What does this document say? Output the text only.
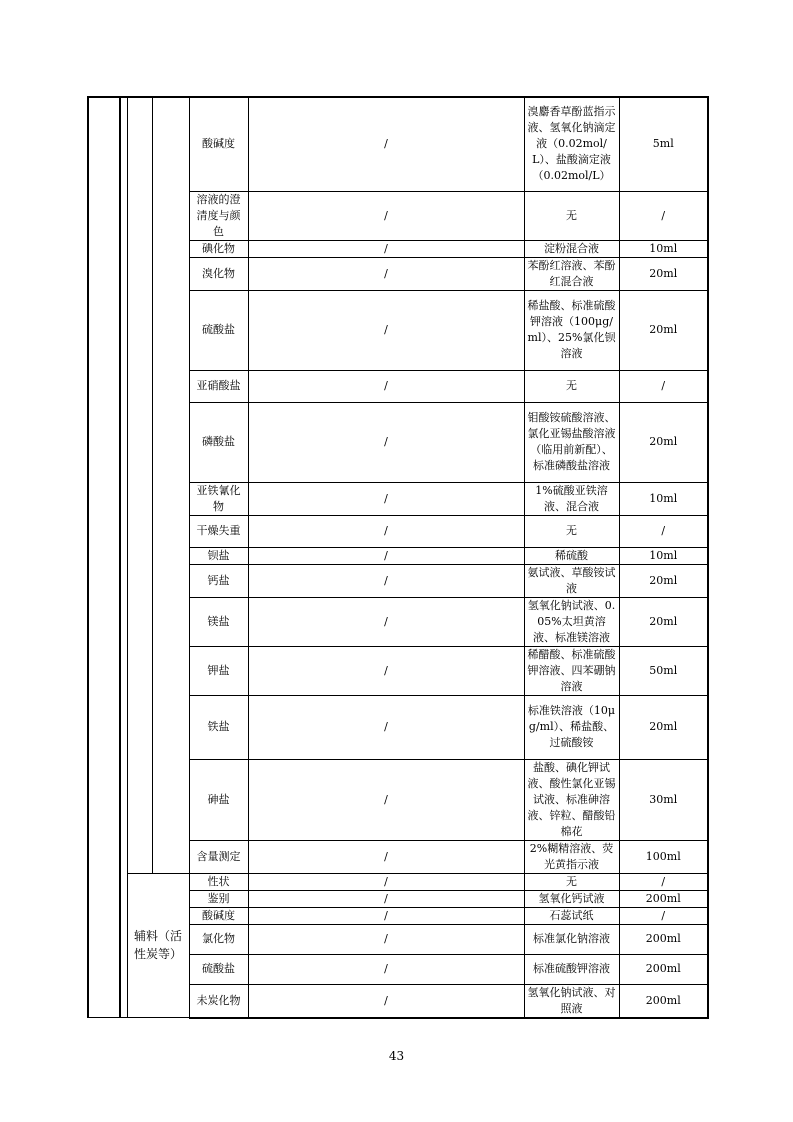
				酸碱度	/	溴麝香草酚蓝指示液、氢氧化钠滴定液（0.02mol/L）、盐酸滴定液（0.02mol/L）	5ml
				溶液的澄清度与颜色	/	无	/
				碘化物	/	淀粉混合液	10ml
				溴化物	/	苯酚红溶液、苯酚红混合液	20ml
				硫酸盐	/	稀盐酸、标准硫酸钾溶液（100μg/ml）、25%氯化钡溶液	20ml
				亚硝酸盐	/	无	/
				磷酸盐	/	钼酸铵硫酸溶液、氯化亚锡盐酸溶液（临用前新配）、标准磷酸盐溶液	20ml
				亚铁氰化物	/	1%硫酸亚铁溶液、混合液	10ml
				干燥失重	/	无	/
				钡盐	/	稀硫酸	10ml
				钙盐	/	氨试液、草酸铵试液	20ml
				镁盐	/	氢氧化钠试液、0.05%太坦黄溶液、标准镁溶液	20ml
				钾盐	/	稀醋酸、标准硫酸钾溶液、四苯硼钠溶液	50ml
				铁盐	/	标准铁溶液（10μg/ml）、稀盐酸、过硫酸铵	20ml
				砷盐	/	盐酸、碘化钾试液、酸性氯化亚锡试液、标准砷溶液、锌粒、醋酸铅棉花	30ml
				含量测定	/	2%糊精溶液、荧光黄指示液	100ml
		辅料（活性炭等）		性状	/	无	/
				鉴别	/	氢氧化钙试液	200ml
				酸碱度	/	石蕊试纸	/
				氯化物	/	标准氯化钠溶液	200ml
				硫酸盐	/	标准硫酸钾溶液	200ml
				未炭化物	/	氢氧化钠试液、对照液	200ml
43
